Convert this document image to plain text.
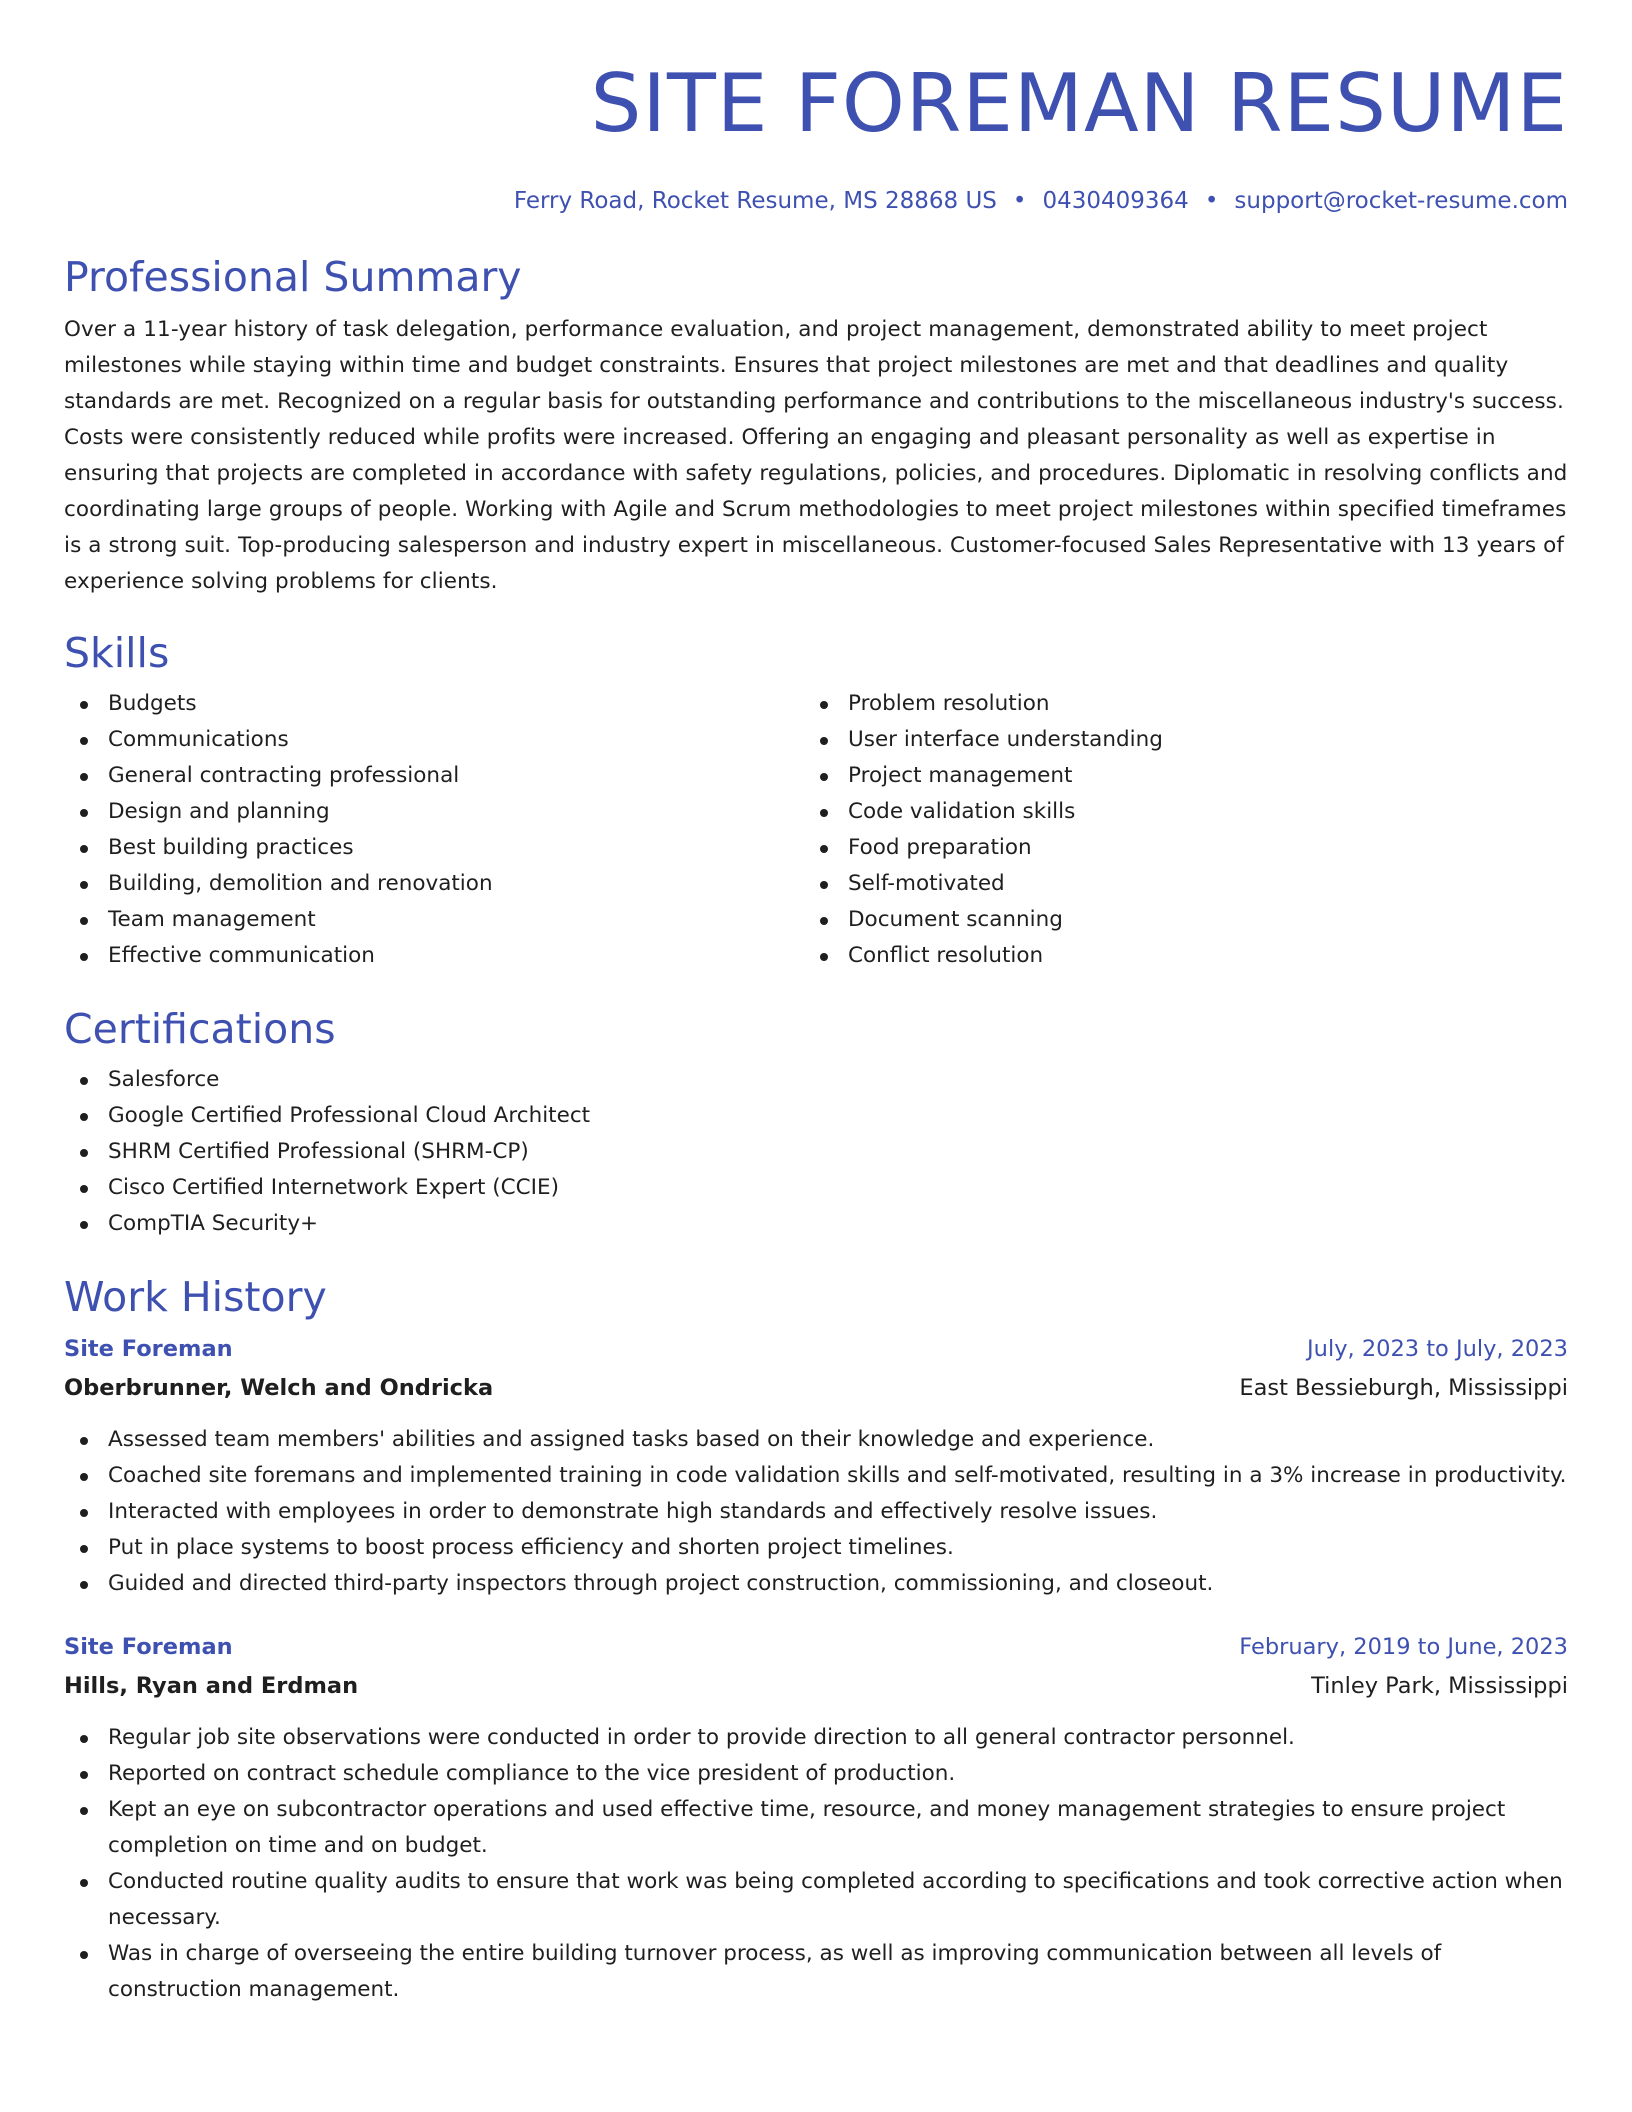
SITE FOREMAN RESUME
Ferry Road, Rocket Resume, MS 28868 US • 0430409364 • support@rocket-resume.com
Professional Summary

Over a 11-year history of task delegation, performance evaluation, and project management, demonstrated ability to meet project milestones while staying within time and budget constraints. Ensures that project milestones are met and that deadlines and quality standards are met. Recognized on a regular basis for outstanding performance and contributions to the miscellaneous industry's success. Costs were consistently reduced while profits were increased. Offering an engaging and pleasant personality as well as expertise in ensuring that projects are completed in accordance with safety regulations, policies, and procedures. Diplomatic in resolving conflicts and coordinating large groups of people. Working with Agile and Scrum methodologies to meet project milestones within specified timeframes is a strong suit. Top-producing salesperson and industry expert in miscellaneous. Customer-focused Sales Representative with 13 years of experience solving problems for clients.

Skills
Budgets
Communications
General contracting professional
Design and planning
Best building practices
Building, demolition and renovation
Team management
Effective communication
Problem resolution
User interface understanding
Project management
Code validation skills
Food preparation
Self-motivated
Document scanning
Conflict resolution
Certifications
Salesforce
Google Certified Professional Cloud Architect
SHRM Certified Professional (SHRM-CP)
Cisco Certified Internetwork Expert (CCIE)
CompTIA Security+
Work History
Site Foreman	July, 2023 to July, 2023
Oberbrunner, Welch and Ondricka	East Bessieburgh, Mississippi
Assessed team members' abilities and assigned tasks based on their knowledge and experience.
Coached site foremans and implemented training in code validation skills and self-motivated, resulting in a 3% increase in productivity.
Interacted with employees in order to demonstrate high standards and effectively resolve issues.
Put in place systems to boost process efficiency and shorten project timelines.
Guided and directed third-party inspectors through project construction, commissioning, and closeout.
Site Foreman	February, 2019 to June, 2023
Hills, Ryan and Erdman	Tinley Park, Mississippi
Regular job site observations were conducted in order to provide direction to all general contractor personnel.
Reported on contract schedule compliance to the vice president of production.
Kept an eye on subcontractor operations and used effective time, resource, and money management strategies to ensure project completion on time and on budget.
Conducted routine quality audits to ensure that work was being completed according to specifications and took corrective action when necessary.
Was in charge of overseeing the entire building turnover process, as well as improving communication between all levels of construction management.
